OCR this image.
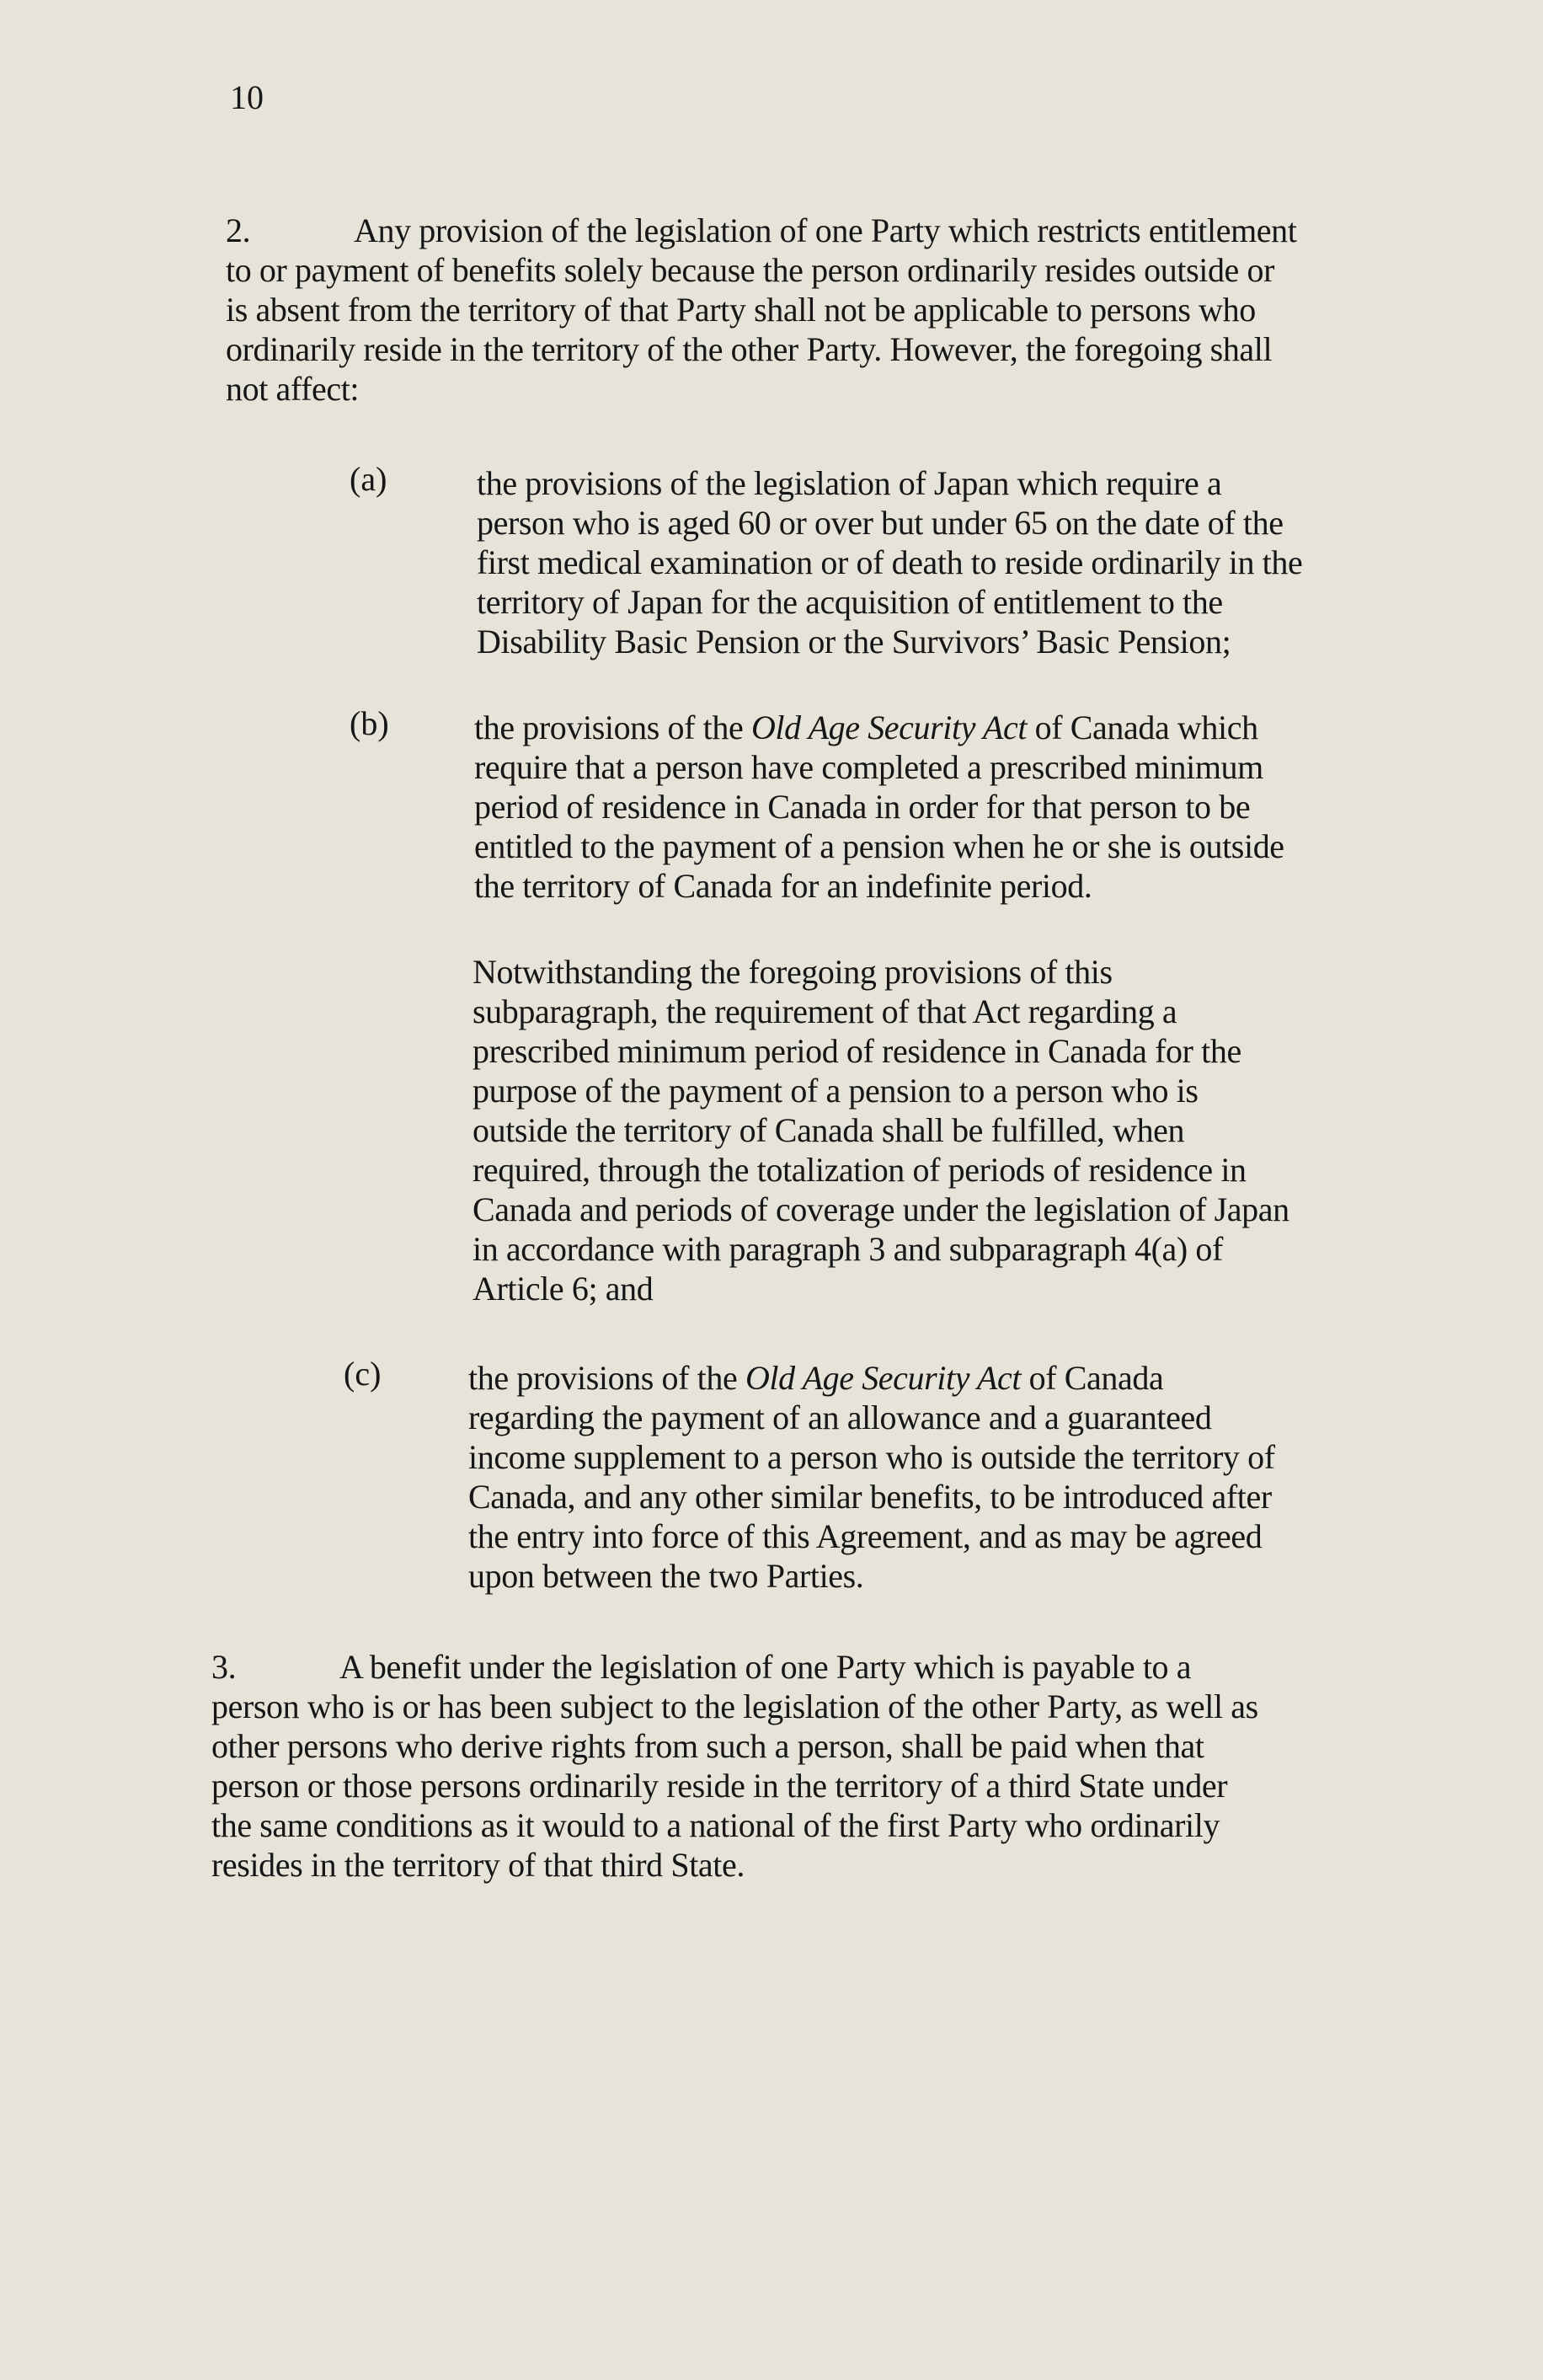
10
2.	Any provision of the legislation of one Party which restricts entitlement
to or payment of benefits solely because the person ordinarily resides outside or
is absent from the territory of that Party shall not be applicable to persons who
ordinarily reside in the territory of the other Party. However, the foregoing shall
not affect:
(a)	the provisions of the legislation of Japan which require a
person who is aged 60 or over but under 65 on the date of the
first medical examination or of death to reside ordinarily in the
territory of Japan for the acquisition of entitlement to the
Disability Basic Pension or the Survivors’ Basic Pension;
(b)	the provisions of the Old Age Security Act of Canada which
require that a person have completed a prescribed minimum
period of residence in Canada in order for that person to be
entitled to the payment of a pension when he or she is outside
the territory of Canada for an indefinite period.
Notwithstanding the foregoing provisions of this
subparagraph, the requirement of that Act regarding a
prescribed minimum period of residence in Canada for the
purpose of the payment of a pension to a person who is
outside the territory of Canada shall be fulfilled, when
required, through the totalization of periods of residence in
Canada and periods of coverage under the legislation of Japan
in accordance with paragraph 3 and subparagraph 4(a) of
Article 6; and
(c)	the provisions of the Old Age Security Act of Canada
regarding the payment of an allowance and a guaranteed
income supplement to a person who is outside the territory of
Canada, and any other similar benefits, to be introduced after
the entry into force of this Agreement, and as may be agreed
upon between the two Parties.
3.	A benefit under the legislation of one Party which is payable to a
person who is or has been subject to the legislation of the other Party, as well as
other persons who derive rights from such a person, shall be paid when that
person or those persons ordinarily reside in the territory of a third State under
the same conditions as it would to a national of the first Party who ordinarily
resides in the territory of that third State.
